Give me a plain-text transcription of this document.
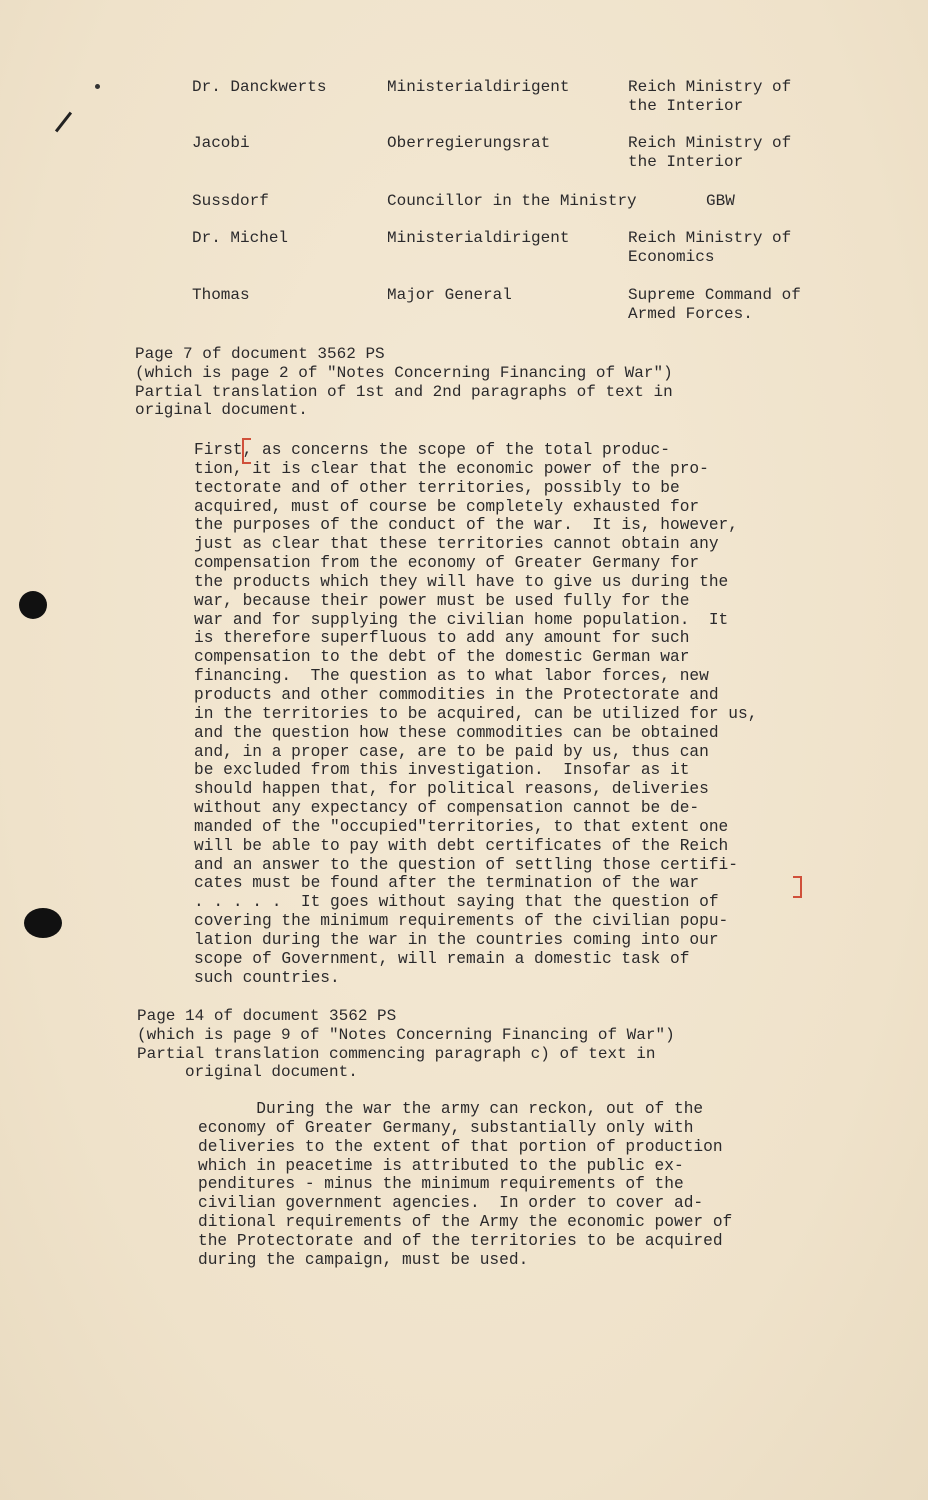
Dr. Danckwerts	Ministerialdirigent	Reich Ministry of
the Interior
Jacobi	Oberregierungsrat	Reich Ministry of
the Interior
Sussdorf	Councillor in the Ministry	GBW
Dr. Michel	Ministerialdirigent	Reich Ministry of
Economics
Thomas	Major General	Supreme Command of
Armed Forces.
Page 7 of document 3562 PS
(which is page 2 of "Notes Concerning Financing of War")
Partial translation of 1st and 2nd paragraphs of text in
original document.
First, as concerns the scope of the total produc-
tion, it is clear that the economic power of the pro-
tectorate and of other territories, possibly to be
acquired, must of course be completely exhausted for
the purposes of the conduct of the war.  It is, however,
just as clear that these territories cannot obtain any
compensation from the economy of Greater Germany for
the products which they will have to give us during the
war, because their power must be used fully for the
war and for supplying the civilian home population.  It
is therefore superfluous to add any amount for such
compensation to the debt of the domestic German war
financing.  The question as to what labor forces, new
products and other commodities in the Protectorate and
in the territories to be acquired, can be utilized for us,
and the question how these commodities can be obtained
and, in a proper case, are to be paid by us, thus can
be excluded from this investigation.  Insofar as it
should happen that, for political reasons, deliveries
without any expectancy of compensation cannot be de-
manded of the "occupied"territories, to that extent one
will be able to pay with debt certificates of the Reich
and an answer to the question of settling those certifi-
cates must be found after the termination of the war
. . . . .  It goes without saying that the question of
covering the minimum requirements of the civilian popu-
lation during the war in the countries coming into our
scope of Government, will remain a domestic task of
such countries.
Page 14 of document 3562 PS
(which is page 9 of "Notes Concerning Financing of War")
Partial translation commencing paragraph c) of text in
original document.
During the war the army can reckon, out of the
economy of Greater Germany, substantially only with
deliveries to the extent of that portion of production
which in peacetime is attributed to the public ex-
penditures - minus the minimum requirements of the
civilian government agencies.  In order to cover ad-
ditional requirements of the Army the economic power of
the Protectorate and of the territories to be acquired
during the campaign, must be used.
